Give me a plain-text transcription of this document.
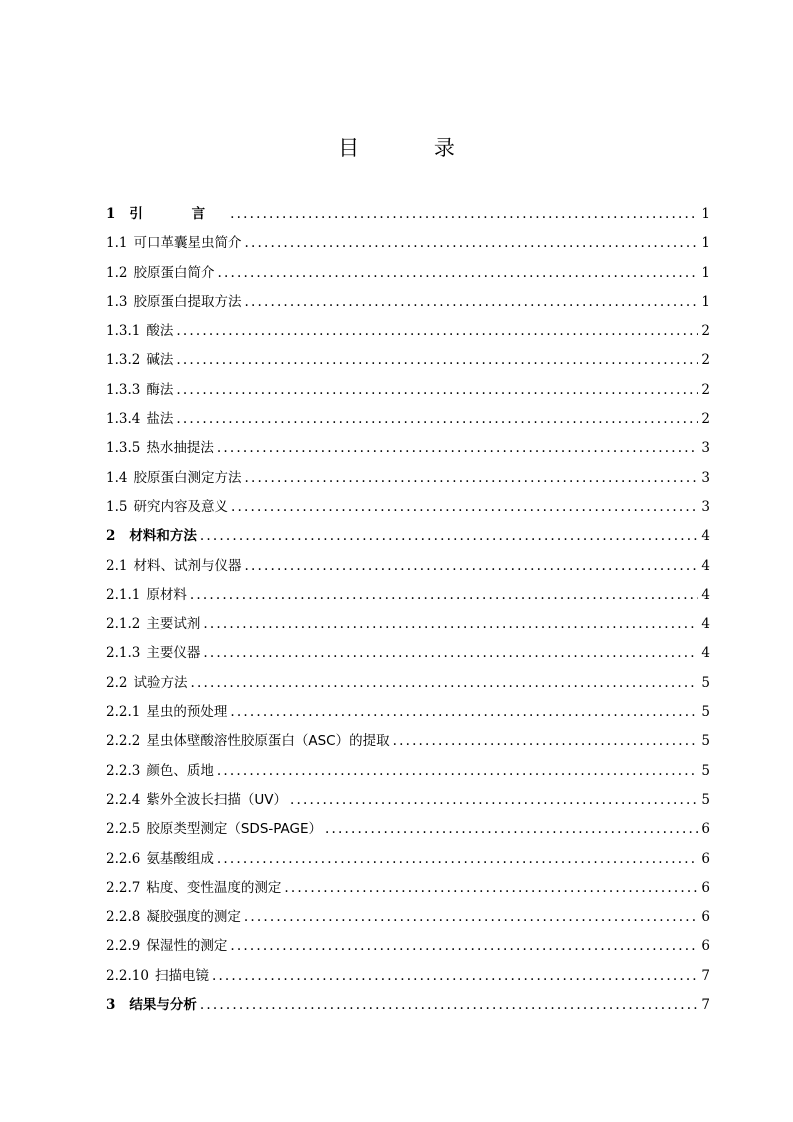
目 录
1 引 言 .....	1
1.1 可口革囊星虫简介 .....	1
1.2 胶原蛋白简介 .....	1
1.3 胶原蛋白提取方法 .....	1
1.3.1 酸法 .....	2
1.3.2 碱法 .....	2
1.3.3 酶法 .....	2
1.3.4 盐法 .....	2
1.3.5 热水抽提法 .....	3
1.4 胶原蛋白测定方法 .....	3
1.5 研究内容及意义 .....	3
2 材料和方法 .....	4
2.1 材料、试剂与仪器 .....	4
2.1.1 原材料 .....	4
2.1.2 主要试剂 .....	4
2.1.3 主要仪器 .....	4
2.2 试验方法 .....	5
2.2.1 星虫的预处理 .....	5
2.2.2 星虫体壁酸溶性胶原蛋白（ASC）的提取 .....	5
2.2.3 颜色、质地 .....	5
2.2.4 紫外全波长扫描（UV） .....	5
2.2.5 胶原类型测定（SDS-PAGE） .....	6
2.2.6 氨基酸组成 .....	6
2.2.7 粘度、变性温度的测定 .....	6
2.2.8 凝胶强度的测定 .....	6
2.2.9 保湿性的测定 .....	6
2.2.10 扫描电镜 .....	7
3 结果与分析 .....	7
